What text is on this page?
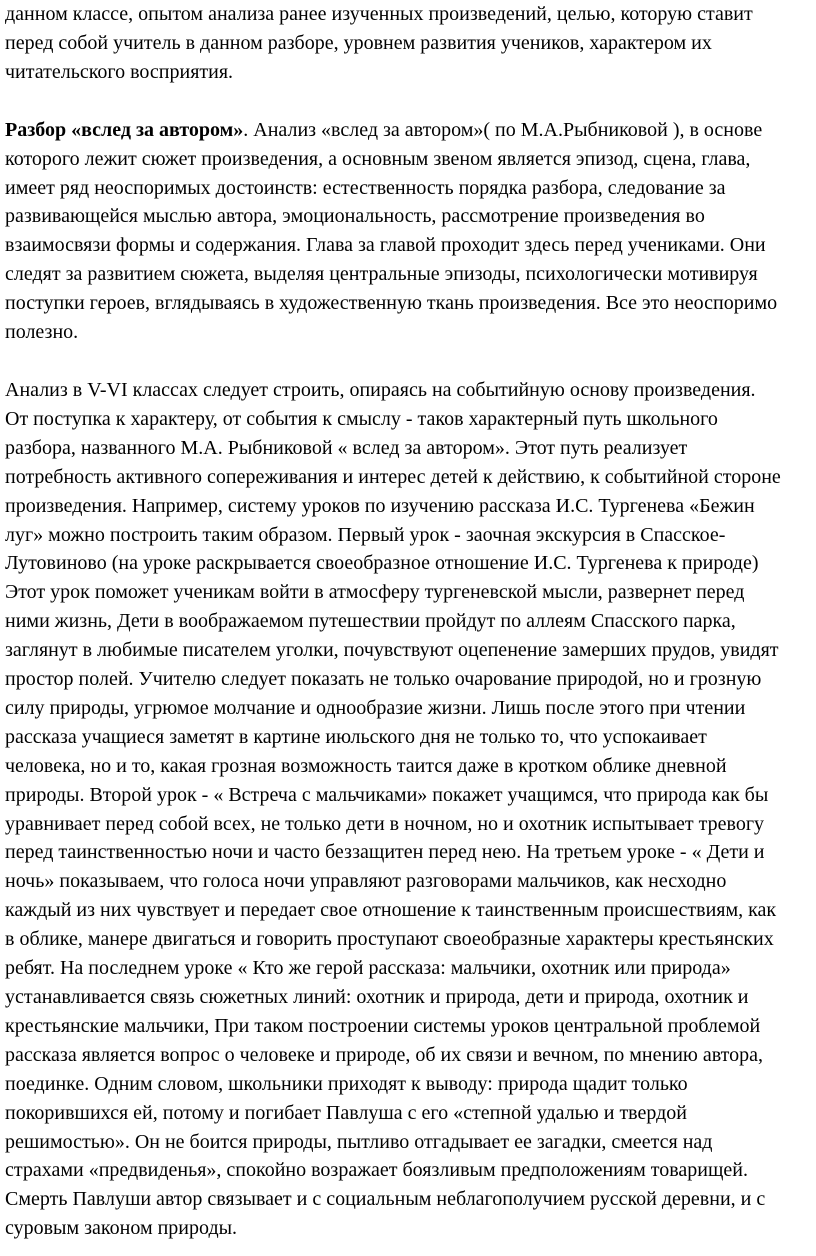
данном классе, опытом анализа ранее изученных произведений, целью, которую ставит
перед собой учитель в данном разборе, уровнем развития учеников, характером их
читательского восприятия.

Разбор «вслед за автором». Анализ «вслед за автором»( по М.А.Рыбниковой ), в основе
которого лежит сюжет произведения, а основным звеном является эпизод, сцена, глава,
имеет ряд неоспоримых достоинств: естественность порядка разбора, следование за
развивающейся мыслью автора, эмоциональность, рассмотрение произведения во
взаимосвязи формы и содержания. Глава за главой проходит здесь перед учениками. Они
следят за развитием сюжета, выделяя центральные эпизоды, психологически мотивируя
поступки героев, вглядываясь в художественную ткань произведения. Все это неоспоримо
полезно.

Анализ в V-VI классах следует строить, опираясь на событийную основу произведения.
От поступка к характеру, от события к смыслу - таков характерный путь школьного
разбора, названного М.А. Рыбниковой « вслед за автором». Этот путь реализует
потребность активного сопереживания и интерес детей к действию, к событийной стороне
произведения. Например, систему уроков по изучению рассказа И.С. Тургенева «Бежин
луг» можно построить таким образом. Первый урок - заочная экскурсия в Спасское-
Лутовиново (на уроке раскрывается своеобразное отношение И.С. Тургенева к природе)
Этот урок поможет ученикам войти в атмосферу тургеневской мысли, развернет перед
ними жизнь, Дети в воображаемом путешествии пройдут по аллеям Спасского парка,
заглянут в любимые писателем уголки, почувствуют оцепенение замерших прудов, увидят
простор полей. Учителю следует показать не только очарование природой, но и грозную
силу природы, угрюмое молчание и однообразие жизни. Лишь после этого при чтении
рассказа учащиеся заметят в картине июльского дня не только то, что успокаивает
человека, но и то, какая грозная возможность таится даже в кротком облике дневной
природы. Второй урок - « Встреча с мальчиками» покажет учащимся, что природа как бы
уравнивает перед собой всех, не только дети в ночном, но и охотник испытывает тревогу
перед таинственностью ночи и часто беззащитен перед нею. На третьем уроке - « Дети и
ночь» показываем, что голоса ночи управляют разговорами мальчиков, как несходно
каждый из них чувствует и передает свое отношение к таинственным происшествиям, как
в облике, манере двигаться и говорить проступают своеобразные характеры крестьянских
ребят. На последнем уроке « Кто же герой рассказа: мальчики, охотник или природа»
устанавливается связь сюжетных линий: охотник и природа, дети и природа, охотник и
крестьянские мальчики, При таком построении системы уроков центральной проблемой
рассказа является вопрос о человеке и природе, об их связи и вечном, по мнению автора,
поединке. Одним словом, школьники приходят к выводу: природа щадит только
покорившихся ей, потому и погибает Павлуша с его «степной удалью и твердой
решимостью». Он не боится природы, пытливо отгадывает ее загадки, смеется над
страхами «предвиденья», спокойно возражает боязливым предположениям товарищей.
Смерть Павлуши автор связывает и с социальным неблагополучием русской деревни, и с
суровым законом природы.
